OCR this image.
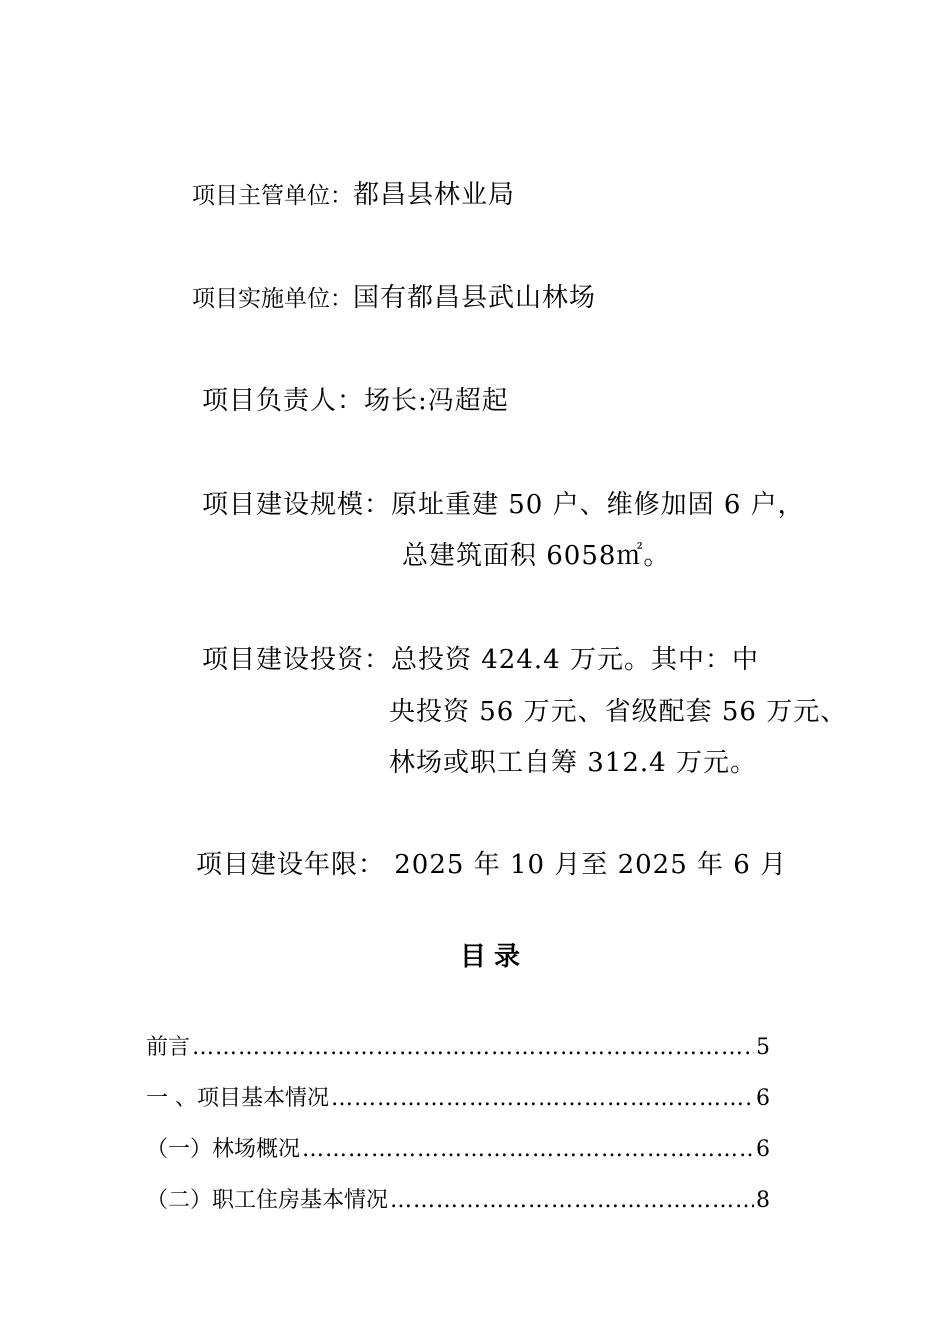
项目主管单位：都昌县林业局
项目实施单位：国有都昌县武山林场
项目负责人：场长:冯超起
项目建设规模：原址重建 50 户、维修加固 6 户，
总建筑面积 6058㎡。
项目建设投资：总投资 424.4 万元。其中：中
央投资 56 万元、省级配套 56 万元、
林场或职工自筹 312.4 万元。
项目建设年限： 2025 年 10 月至 2025 年 6 月
目录
前言 …………………………………………………………………………………………………………………………………………………………………………	5
一 、项目基本情况 …………………………………………………………………………………………………………………………………………………………………………	6
（一）林场概况 …………………………………………………………………………………………………………………………………………………………………………	6
（二）职工住房基本情况 …………………………………………………………………………………………………………………………………………………………………………	8
